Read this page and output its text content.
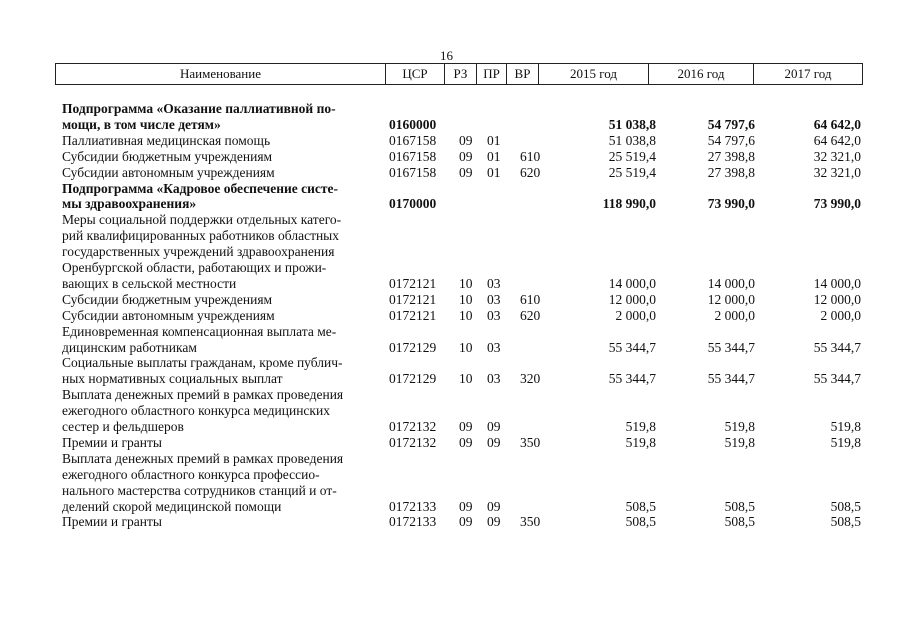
16
Наименование	ЦСР	РЗ	ПР	ВР	2015 год	2016 год	2017 год
Подпрограмма «Оказание паллиативной по-
мощи, в том числе детям»	0160000	51 038,8	54 797,6	64 642,0
Паллиативная медицинская помощь	0167158 09 01	51 038,8	54 797,6	64 642,0
Субсидии бюджетным учреждениям	0167158 09 01 610	25 519,4	27 398,8	32 321,0
Субсидии автономным учреждениям	0167158 09 01 620	25 519,4	27 398,8	32 321,0
Подпрограмма «Кадровое обеспечение систе-
мы здравоохранения»	0170000	118 990,0	73 990,0	73 990,0
Меры социальной поддержки отдельных катего-
рий квалифицированных работников областных
государственных учреждений здравоохранения
Оренбургской области, работающих и прожи-
вающих в сельской местности	0172121 10 03	14 000,0	14 000,0	14 000,0
Субсидии бюджетным учреждениям	0172121 10 03 610	12 000,0	12 000,0	12 000,0
Субсидии автономным учреждениям	0172121 10 03 620	2 000,0	2 000,0	2 000,0
Единовременная компенсационная выплата ме-
дицинским работникам	0172129 10 03	55 344,7	55 344,7	55 344,7
Социальные выплаты гражданам, кроме публич-
ных нормативных социальных выплат	0172129 10 03 320	55 344,7	55 344,7	55 344,7
Выплата денежных премий в рамках проведения
ежегодного областного конкурса медицинских
сестер и фельдшеров	0172132 09 09	519,8	519,8	519,8
Премии и гранты	0172132 09 09 350	519,8	519,8	519,8
Выплата денежных премий в рамках проведения
ежегодного областного конкурса профессио-
нального мастерства сотрудников станций и от-
делений скорой медицинской помощи	0172133 09 09	508,5	508,5	508,5
Премии и гранты	0172133 09 09 350	508,5	508,5	508,5
